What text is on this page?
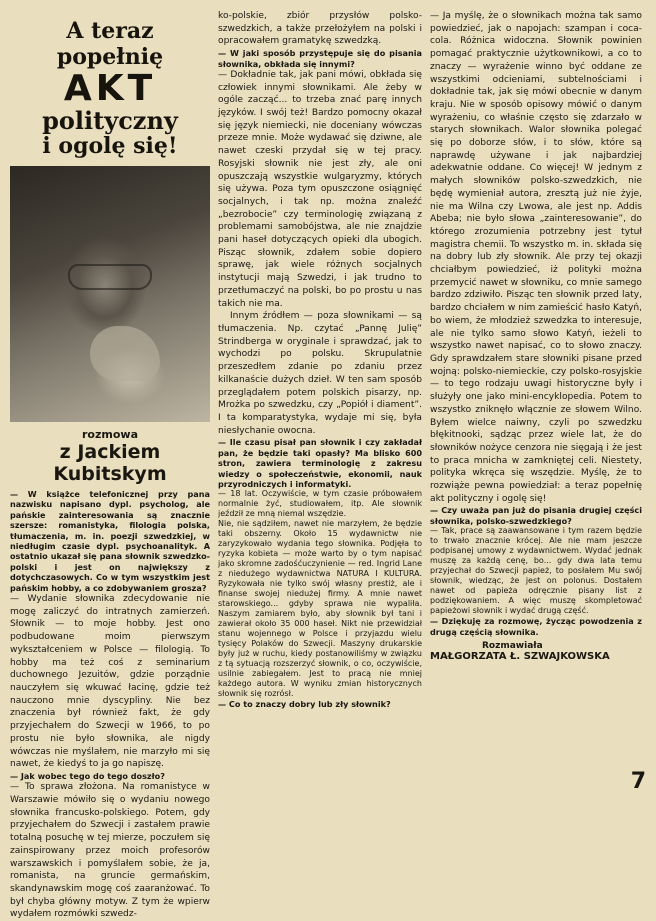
A teraz popełnię
AKT
polityczny
i ogolę się!
rozmowa
z Jackiem Kubitskym

— W książce telefonicznej przy pana nazwisku napisano dypl. psycholog, ale pańskie zainteresowania są znacznie szersze: romanistyka, filologia polska, tłumaczenia, m. in. poezji szwedzkiej, w niedługim czasie dypl. psychoanalityk. A ostatnio ukazał się pana słownik szwedzko-polski i jest on największy z dotychczasowych. Co w tym wszystkim jest pańskim hobby, a co zdobywaniem grosza?

— Wydanie słownika zdecydowanie nie mogę zaliczyć do intratnych zamierzeń. Słownik — to moje hobby. Jest ono podbudowane moim pierwszym wykształceniem w Polsce — filologią. To hobby ma też coś z seminarium duchownego Jezuitów, gdzie porządnie nauczyłem się wkuwać łacinę, gdzie też nauczono mnie dyscypliny. Nie bez znaczenia był również fakt, że gdy przyjechałem do Szwecji w 1966, to po prostu nie było słownika, ale nigdy wówczas nie myślałem, nie marzyło mi się nawet, że kiedyś to ja go napiszę.

— Jak wobec tego do tego doszło?

— To sprawa złożona. Na romanistyce w Warszawie mówiło się o wydaniu nowego słownika francusko-polskiego. Potem, gdy przyjechałem do Szwecji i zastałem prawie totalną posuchę w tej mierze, poczułem się zainspirowany przez moich profesorów warszawskich i pomyślałem sobie, że ja, romanista, na gruncie germańskim, skandynawskim mogę coś zaaranżować. To był chyba główny motyw. Z tym że wpierw wydałem rozmówki szwedz-

ko-polskie, zbiór przysłów polsko-szwedzkich, a także przełożyłem na polski i opracowałem gramatykę szwedzką.

— W jaki sposób przystępuje się do pisania słownika, obkłada się innymi?

— Dokładnie tak, jak pani mówi, obkłada się człowiek innymi słownikami. Ale żeby w ogóle zacząć... to trzeba znać parę innych języków. I swój też! Bardzo pomocny okazał się język niemiecki, nie doceniany wówczas przeze mnie. Może wydawać się dziwne, ale nawet czeski przydał się w tej pracy. Rosyjski słownik nie jest zły, ale oni opuszczają wszystkie wulgaryzmy, których się używa. Poza tym opuszczone osiągnięć socjalnych, i tak np. można znaleźć „bezrobocie” czy terminologię związaną z problemami samobójstwa, ale nie znajdzie pani haseł dotyczących opieki dla ubogich. Pisząc słownik, zdałem sobie dopiero sprawę, jak wiele różnych socjalnych instytucji mają Szwedzi, i jak trudno to przetłumaczyć na polski, bo po prostu u nas takich nie ma.

Innym źródłem — poza słownikami — są tłumaczenia. Np. czytać „Pannę Julię” Strindberga w oryginale i sprawdzać, jak to wychodzi po polsku. Skrupulatnie przeszedłem zdanie po zdaniu przez kilkanaście dużych dzieł. W ten sam sposób przeglądałem potem polskich pisarzy, np. Mrożka po szwedzku, czy „Popiół i diament”. I ta komparatystyka, wydaje mi się, była niesłychanie owocna.

— Ile czasu pisał pan słownik i czy zakładał pan, że będzie taki opasły? Ma blisko 600 stron, zawiera terminologię z zakresu wiedzy o społeczeństwie, ekonomii, nauk przyrodniczych i informatyki.

— 18 lat. Oczywiście, w tym czasie próbowałem normalnie żyć, studiowałem, itp. Ale słownik jeździł ze mną niemal wszędzie.
Nie, nie sądziłem, nawet nie marzyłem, że będzie taki obszerny. Około 15 wydawnictw nie zaryzykowało wydania tego słownika. Podjęła to ryzyka kobieta — może warto by o tym napisać jako skromne zadośćuczynienie — red. Ingrid Lane z niedużego wydawnictwa NATURA I KULTURA. Ryzykowała nie tylko swój własny prestiż, ale i finanse swojej niedużej firmy. A mnie nawet starowskiego... gdyby sprawa nie wypaliła. Naszym zamiarem było, aby słownik był tani i zawierał około 35 000 haseł. Nikt nie przewidział stanu wojennego w Polsce i przyjazdu wielu tysięcy Polaków do Szwecji. Maszyny drukarskie były już w ruchu, kiedy postanowiliśmy w związku z tą sytuacją rozszerzyć słownik, o co, oczywiście, usilnie zabiegałem. Jest to pracą nie mniej każdego autora. W wyniku zmian historycznych słownik się rozrósł.

— Co to znaczy dobry lub zły słownik?

— Ja myślę, że o słownikach można tak samo powiedzieć, jak o napojach: szampan i coca-cola. Różnica widoczna. Słownik powinien pomagać praktycznie użytkownikowi, a co to znaczy — wyrażenie winno być oddane ze wszystkimi odcieniami, subtelnościami i dokładnie tak, jak się mówi obecnie w danym kraju. Nie w sposób opisowy mówić o danym wyrażeniu, co właśnie często się zdarzało w starych słownikach. Walor słownika polegać się po doborze słów, i to słów, które są naprawdę używane i jak najbardziej adekwatnie oddane. Co więcej! W jednym z małych słowników polsko-szwedzkich, nie będę wymieniał autora, zresztą już nie żyje, nie ma Wilna czy Lwowa, ale jest np. Addis Abeba; nie było słowa „zainteresowanie”, do którego zrozumienia potrzebny jest tytuł magistra chemii. To wszystko m. in. składa się na dobry lub zły słownik. Ale przy tej okazji chciałbym powiedzieć, iż polityki można przemycić nawet w słowniku, co mnie samego bardzo zdziwiło. Pisząc ten słownik przed laty, bardzo chciałem w nim zamieścić hasło Katyń, bo wiem, że młodzież szwedzka to interesuje, ale nie tylko samo słowo Katyń, ieżeli to wszystko nawet napisać, co to słowo znaczy. Gdy sprawdzałem stare słowniki pisane przed wojną: polsko-niemieckie, czy polsko-rosyjskie — to tego rodzaju uwagi historyczne były i służyły one jako mini-encyklopedia. Potem to wszystko zniknęło włącznie ze słowem Wilno. Byłem wielce naiwny, czyli po szwedzku błękitnooki, sądząc przez wiele lat, że do słowników nożyce cenzora nie sięgają i że jest to praca mnicha w zamkniętej celi. Niestety, polityka wkręca się wszędzie. Myślę, że to rozwiąże pewna powiedział: a teraz popełnię akt polityczny i ogolę się!

— Czy uważa pan już do pisania drugiej części słownika, polsko-szwedzkiego?

— Tak, prace są zaawansowane i tym razem będzie to trwało znacznie krócej. Ale nie mam jeszcze podpisanej umowy z wydawnictwem. Wydać jednak muszę za każdą cenę, bo... gdy dwa lata temu przyjechał do Szwecji papież, to posłałem Mu swój słownik, wiedząc, że jest on polonus. Dostałem nawet od papieża odręcznie pisany list z podziękowaniem. A więc muszę skompletować papieżowi słownik i wydać drugą część.

— Dziękuję za rozmowę, życząc powodzenia z drugą częścią słownika.

Rozmawiała
MAŁGORZATA Ł. SZWAJKOWSKA
7
